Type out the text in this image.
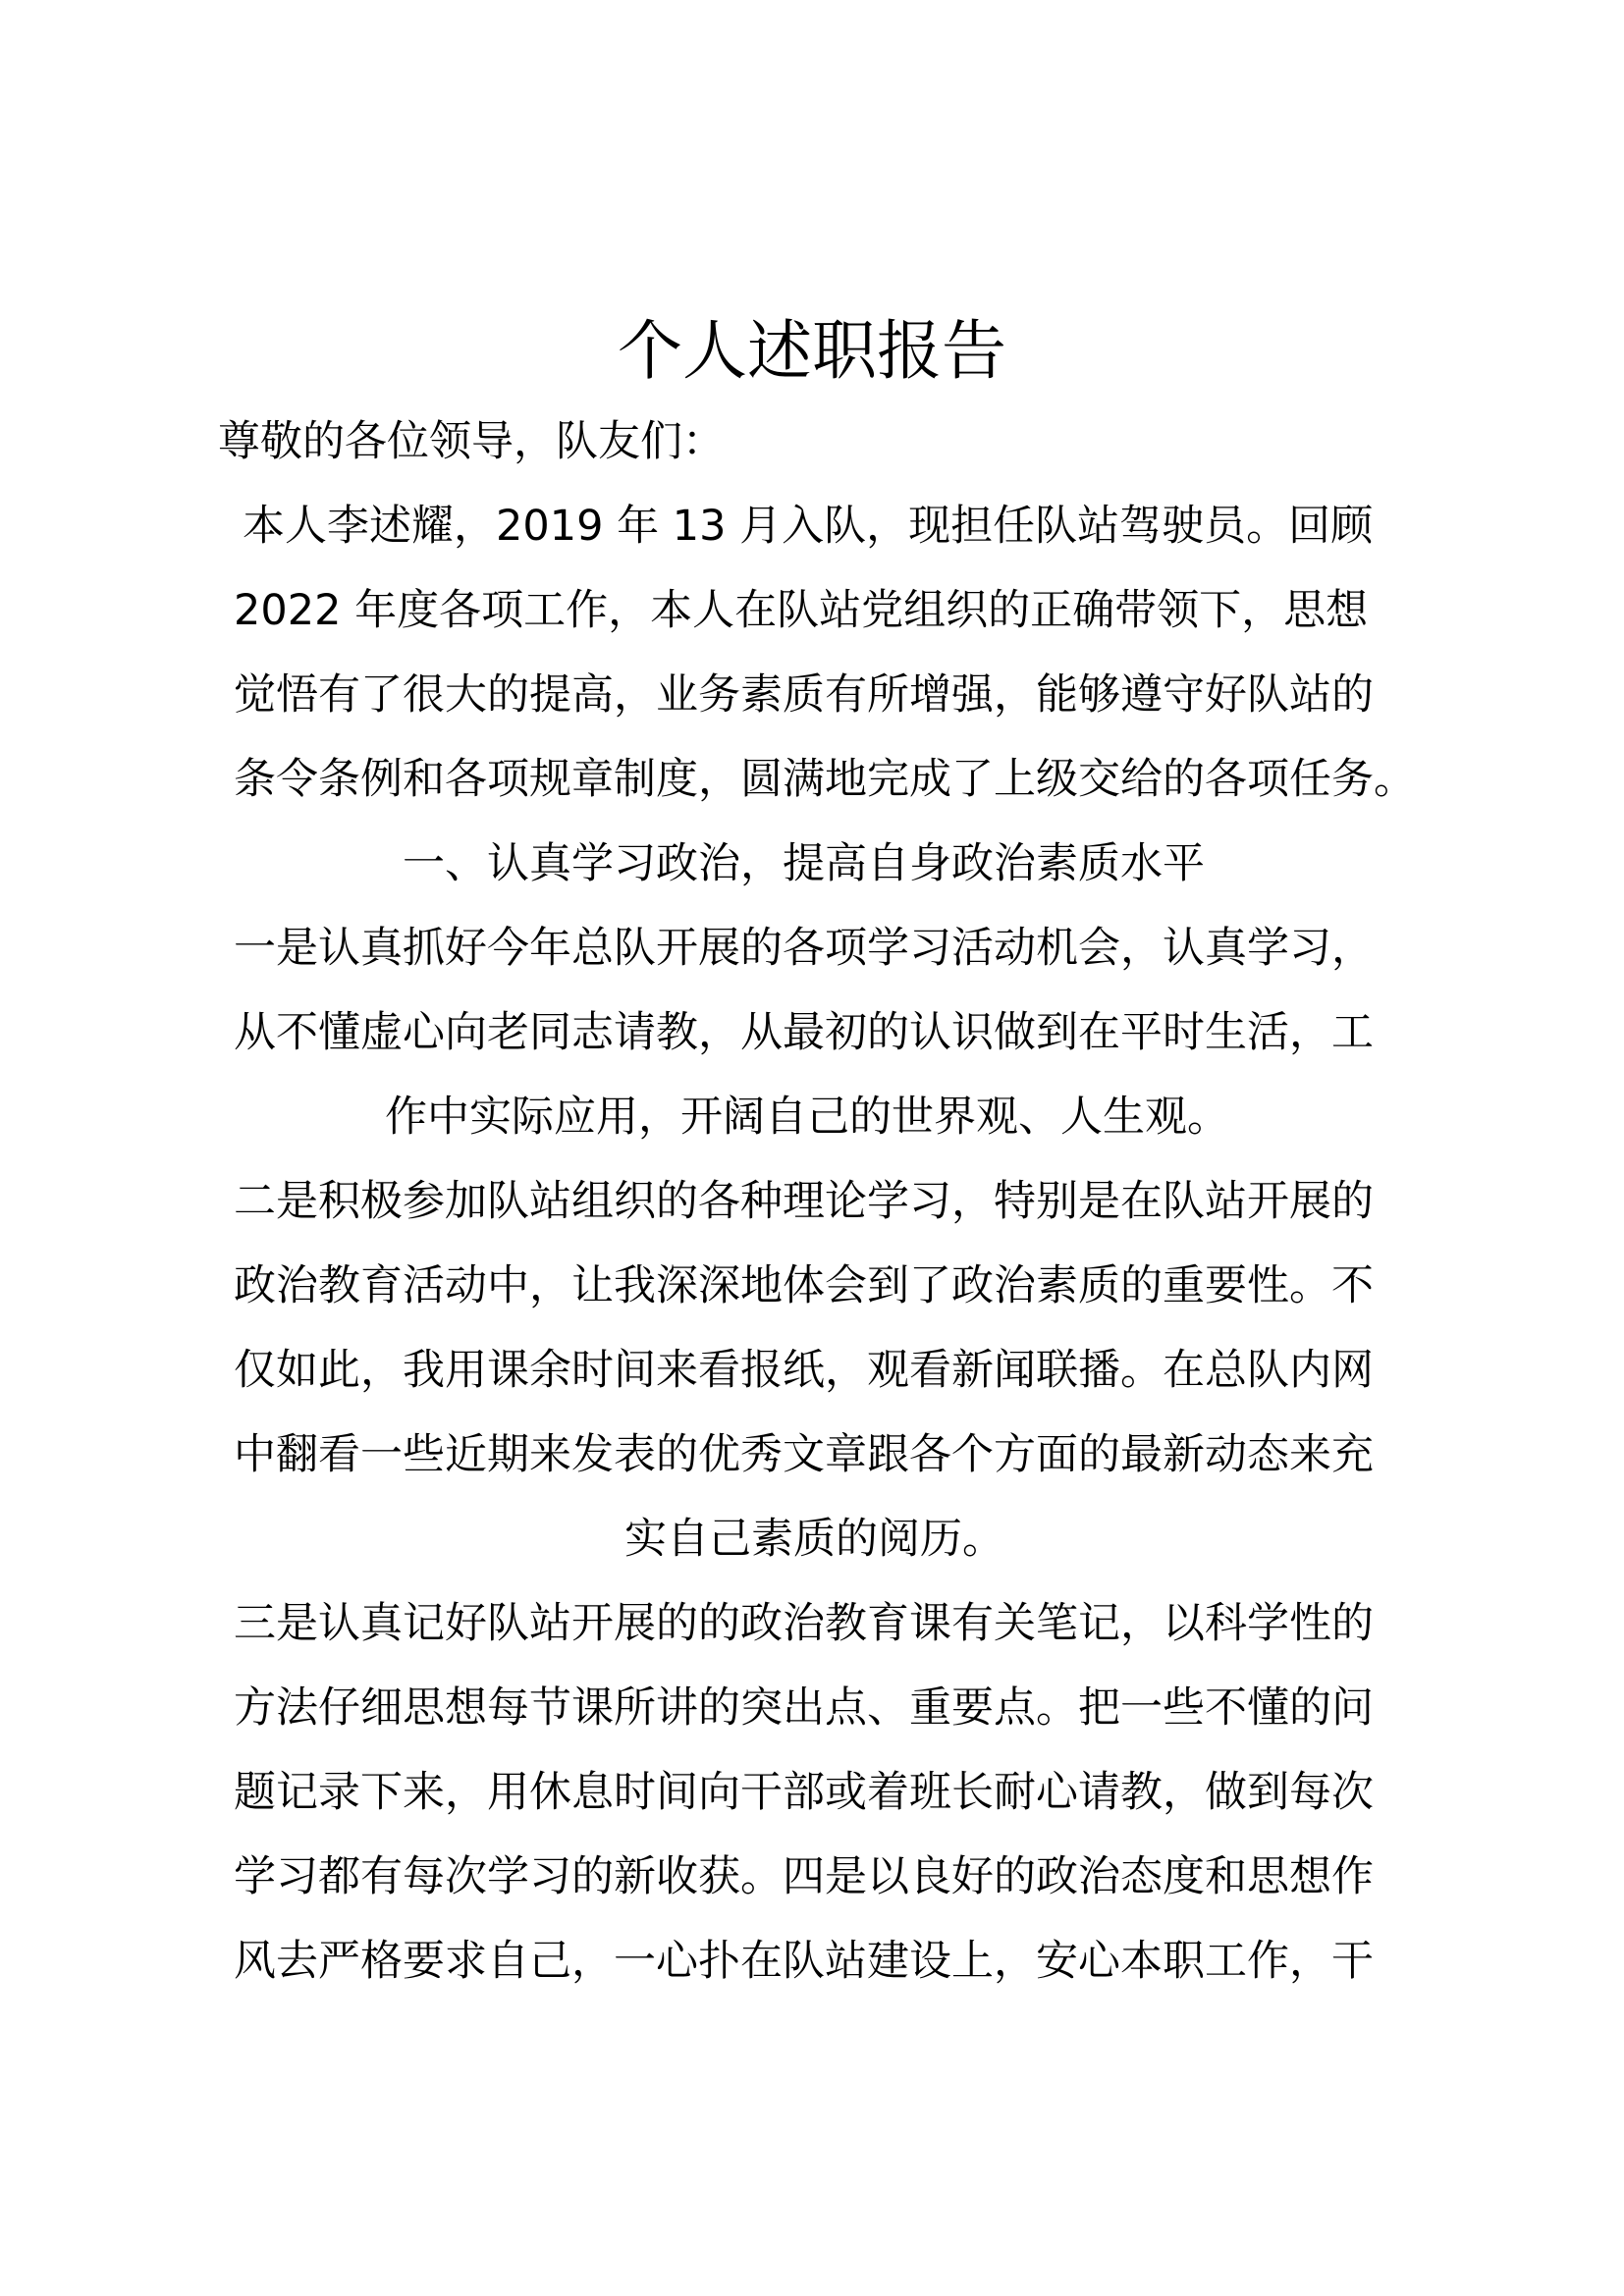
个人述职报告
尊敬的各位领导，队友们：
本人李述耀，2019 年 13 月入队，现担任队站驾驶员。回顾
2022 年度各项工作，本人在队站党组织的正确带领下，思想
觉悟有了很大的提高，业务素质有所增强，能够遵守好队站的
条令条例和各项规章制度，圆满地完成了上级交给的各项任务。
一、认真学习政治，提高自身政治素质水平
一是认真抓好今年总队开展的各项学习活动机会，认真学习，
从不懂虚心向老同志请教，从最初的认识做到在平时生活，工
作中实际应用，开阔自己的世界观、人生观。
二是积极参加队站组织的各种理论学习，特别是在队站开展的
政治教育活动中，让我深深地体会到了政治素质的重要性。不
仅如此，我用课余时间来看报纸，观看新闻联播。在总队内网
中翻看一些近期来发表的优秀文章跟各个方面的最新动态来充
实自己素质的阅历。
三是认真记好队站开展的的政治教育课有关笔记，以科学性的
方法仔细思想每节课所讲的突出点、重要点。把一些不懂的问
题记录下来，用休息时间向干部或着班长耐心请教，做到每次
学习都有每次学习的新收获。四是以良好的政治态度和思想作
风去严格要求自己，一心扑在队站建设上，安心本职工作，干
